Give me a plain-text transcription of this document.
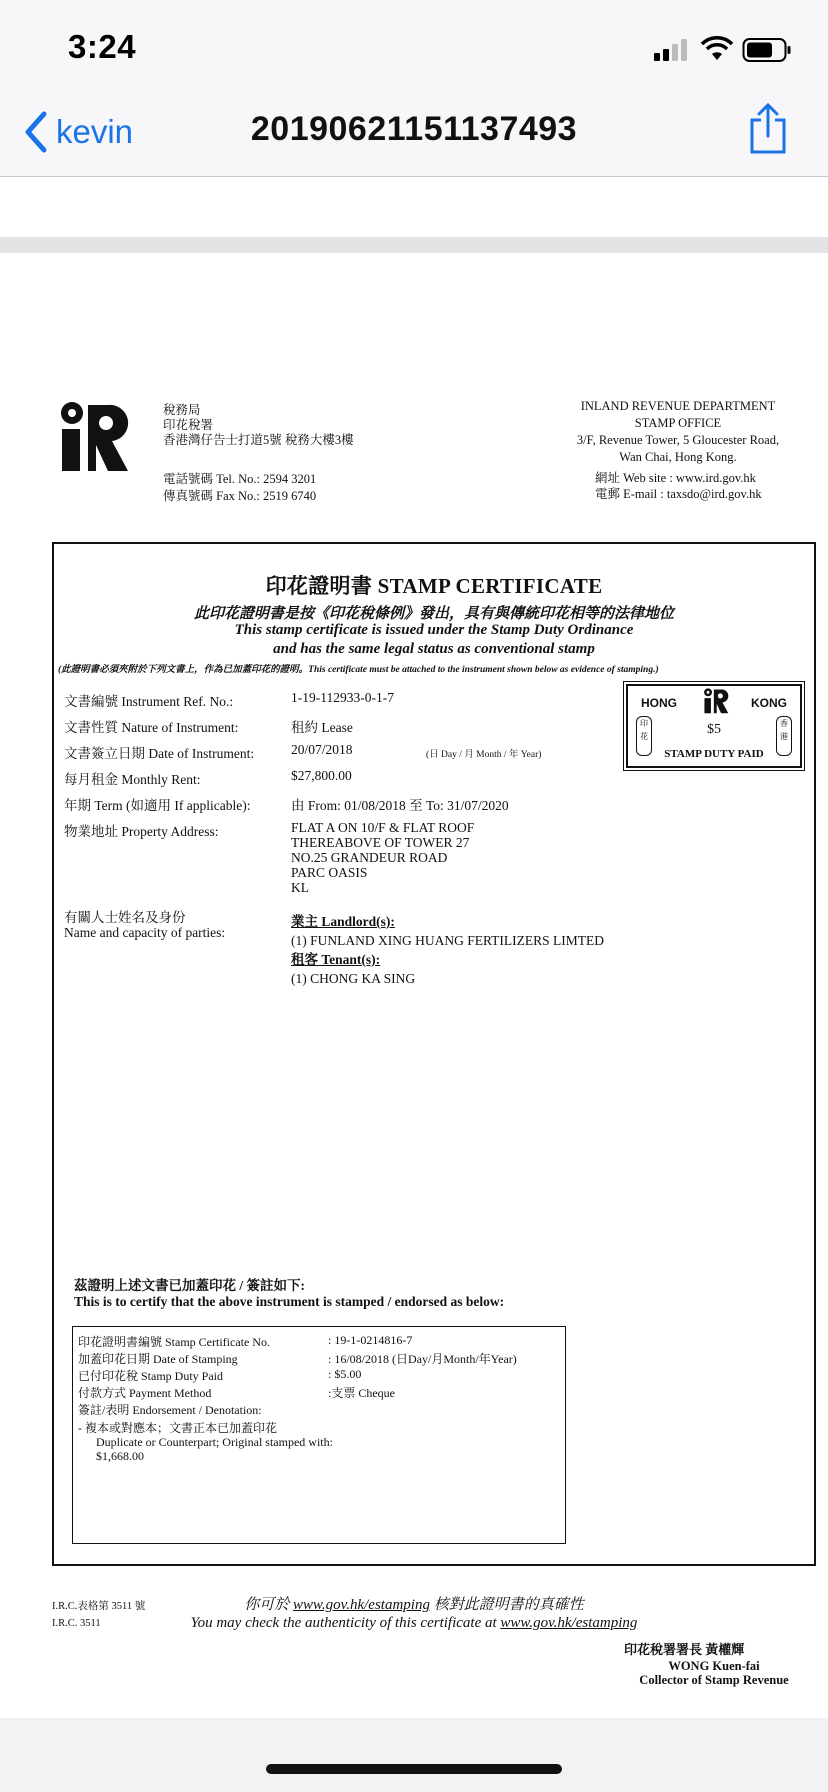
3:24
kevin	20190621151137493
稅務局
印花稅署
香港灣仔告士打道5號 稅務大樓3樓
電話號碼 Tel. No.: 2594 3201
傳真號碼 Fax No.: 2519 6740
INLAND REVENUE DEPARTMENT
STAMP OFFICE
3/F, Revenue Tower, 5 Gloucester Road,
Wan Chai, Hong Kong.
網址 Web site : www.ird.gov.hk
電郵 E-mail : taxsdo@ird.gov.hk
印花證明書 STAMP CERTIFICATE
此印花證明書是按《印花稅條例》發出，具有與傳統印花相等的法律地位
This stamp certificate is issued under the Stamp Duty Ordinance
and has the same legal status as conventional stamp
(此證明書必須夾附於下列文書上，作為已加蓋印花的證明。This certificate must be attached to the instrument shown below as evidence of stamping.)
文書編號 Instrument Ref. No.:	1-19-112933-0-1-7
文書性質 Nature of Instrument:	租約 Lease
文書簽立日期 Date of Instrument:	20/07/2018	(日 Day / 月 Month / 年 Year)
每月租金 Monthly Rent:	$27,800.00
年期 Term (如適用 If applicable):	由 From: 01/08/2018 至 To: 31/07/2020
物業地址 Property Address:	FLAT A ON 10/F & FLAT ROOF
THEREABOVE OF TOWER 27
NO.25 GRANDEUR ROAD
PARC OASIS
KL
有關人士姓名及身份
Name and capacity of parties:
業主 Landlord(s):
(1) FUNLAND XING HUANG FERTILIZERS LIMTED
租客 Tenant(s):
(1) CHONG KA SING
HONG	KONG
印花	$5	香港
STAMP DUTY PAID
茲證明上述文書已加蓋印花 / 簽註如下:
This is to certify that the above instrument is stamped / endorsed as below:
印花證明書編號 Stamp Certificate No.	: 19-1-0214816-7
加蓋印花日期 Date of Stamping	: 16/08/2018 (日Day/月Month/年Year)
已付印花稅 Stamp Duty Paid	: $5.00
付款方式 Payment Method	:支票 Cheque
簽註/表明 Endorsement / Denotation:
- 複本或對應本；文書正本已加蓋印花
Duplicate or Counterpart; Original stamped with:
$1,668.00
印花稅署署長 黃權輝
WONG Kuen-fai
Collector of Stamp Revenue
I.R.C.表格第 3511 號
I.R.C. 3511
你可於 www.gov.hk/estamping 核對此證明書的真確性
You may check the authenticity of this certificate at www.gov.hk/estamping
